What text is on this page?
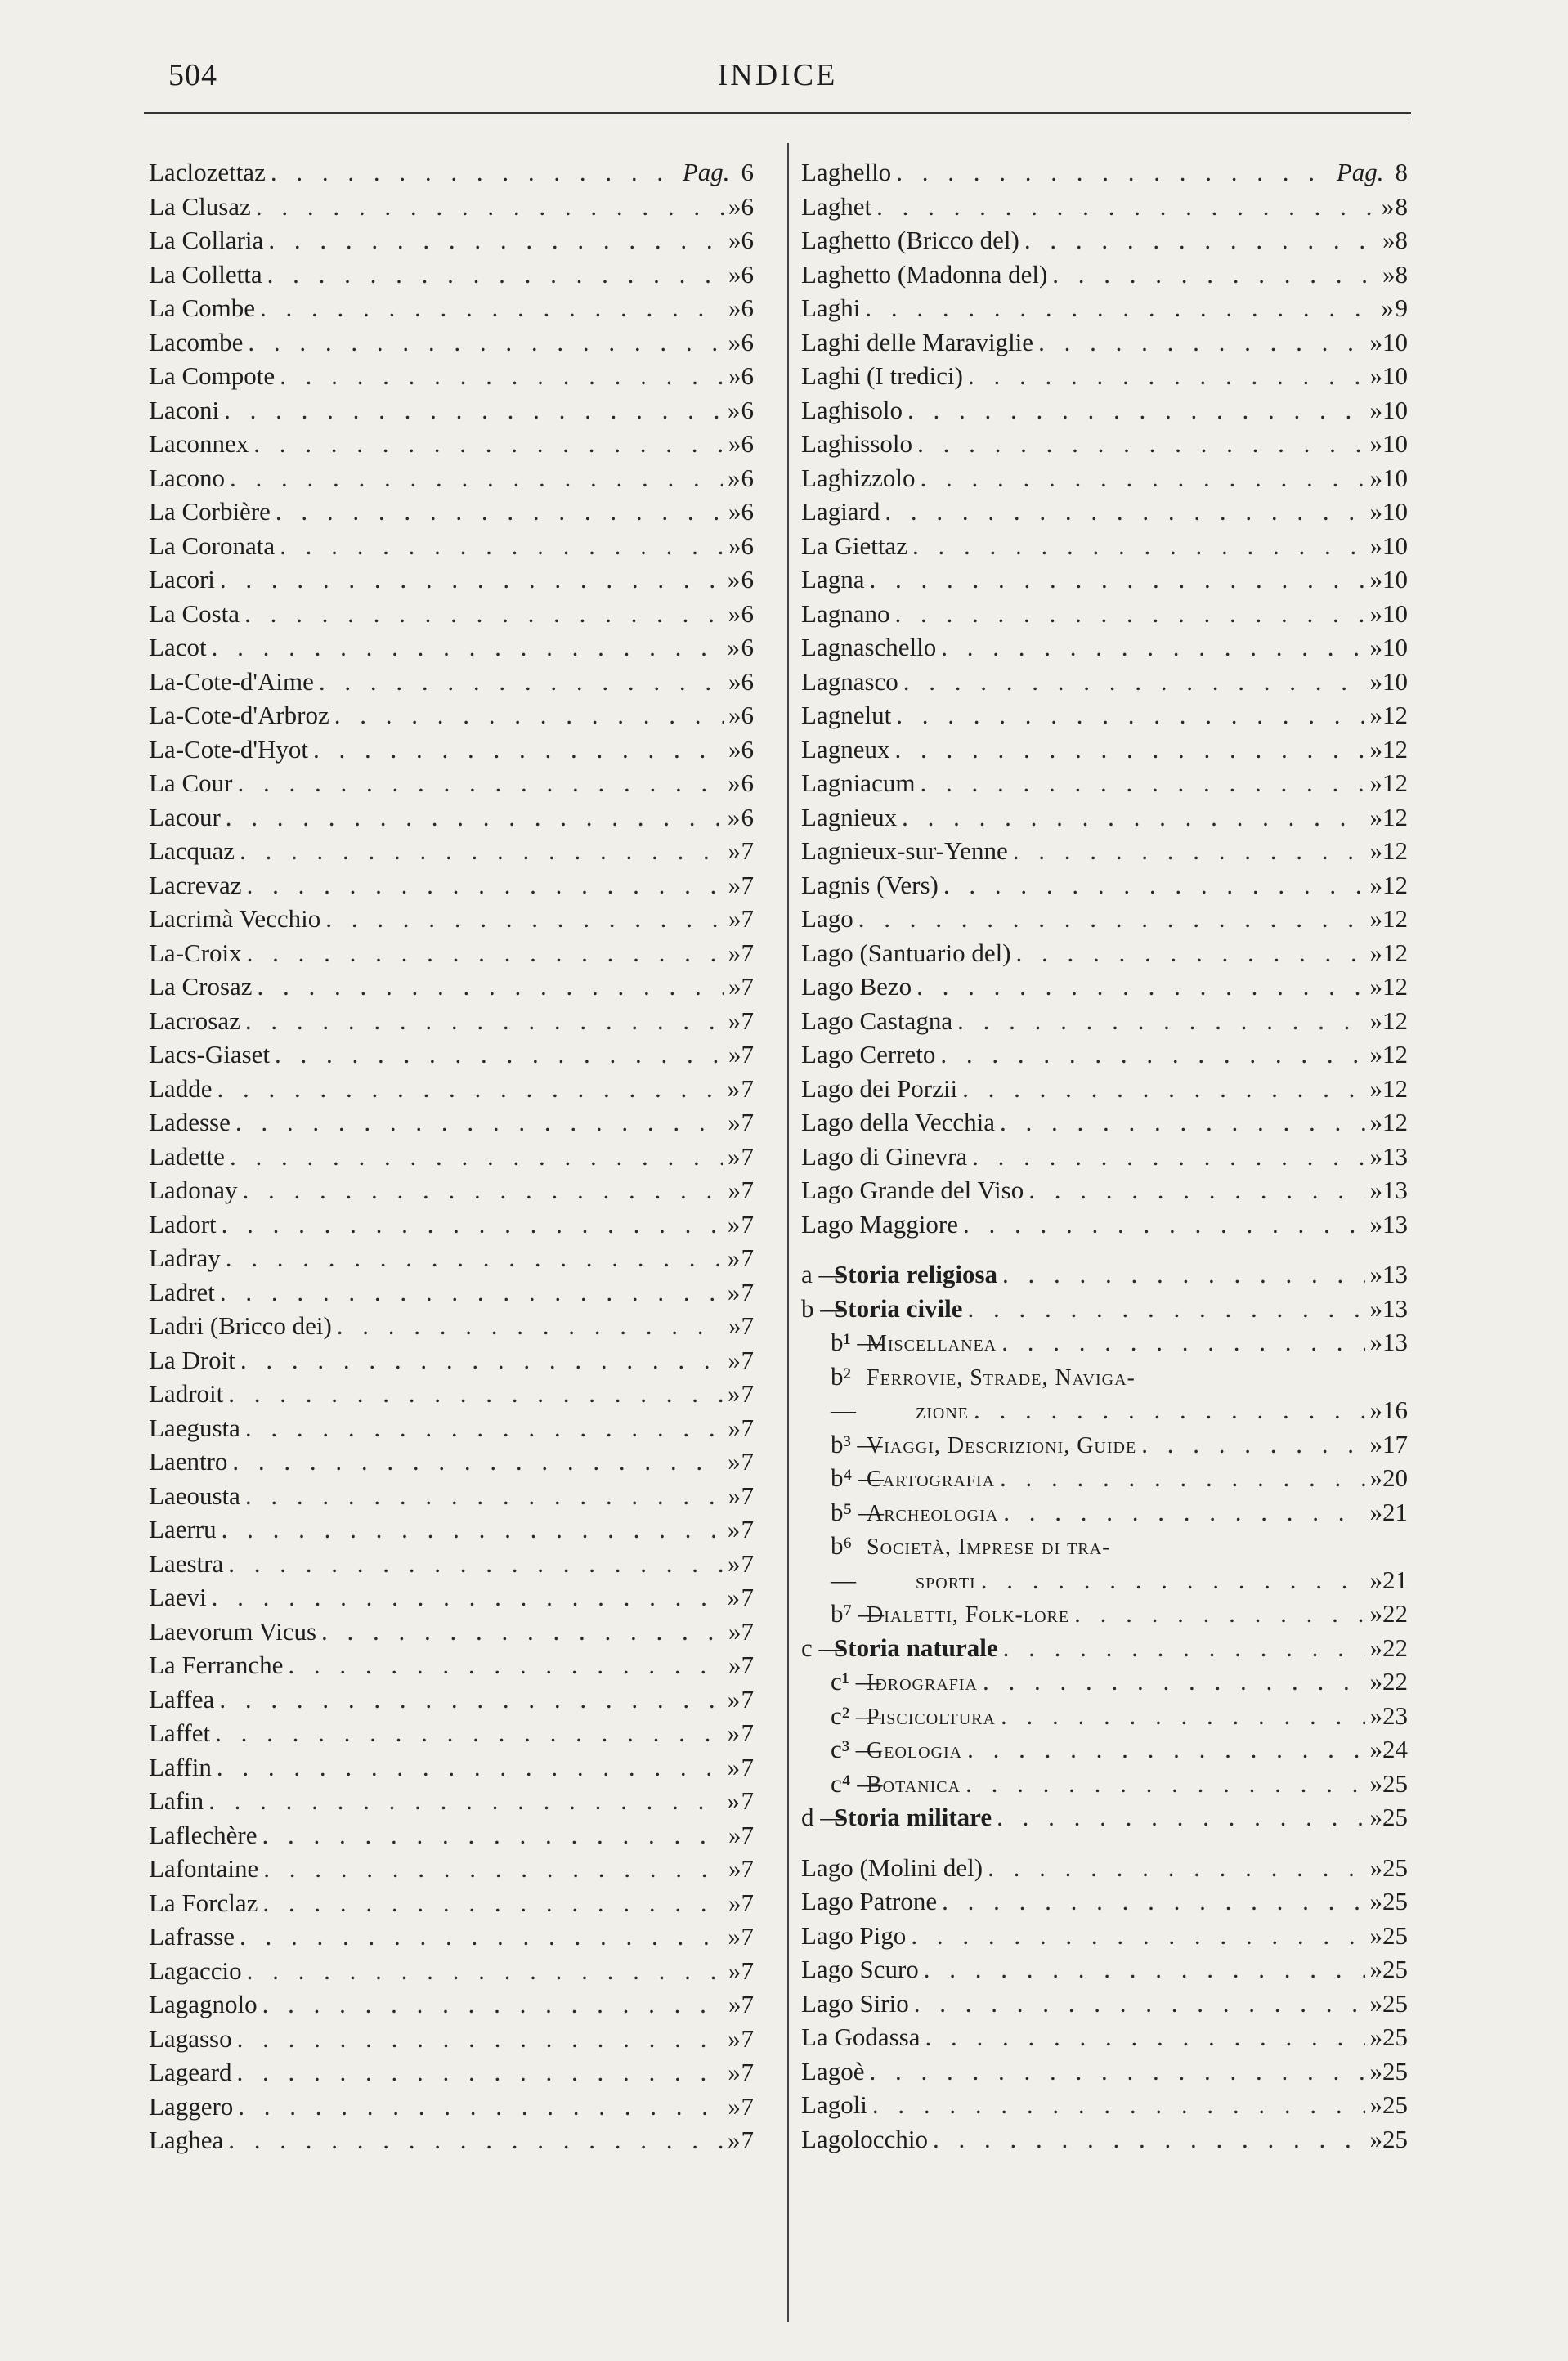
504	INDICE
Laclozettaz . . .	Pag. 6
La Clusaz . . .	» 6
La Collaria . . .	» 6
La Colletta . . .	» 6
La Combe . . .	» 6
Lacombe . . .	» 6
La Compote . . .	» 6
Laconi . . .	» 6
Laconnex . . .	» 6
Lacono . . .	» 6
La Corbière . . .	» 6
La Coronata . . .	» 6
Lacori . . .	» 6
La Costa . . .	» 6
Lacot . . .	» 6
La-Cote-d'Aime . . .	» 6
La-Cote-d'Arbroz . . .	» 6
La-Cote-d'Hyot . . .	» 6
La Cour . . .	» 6
Lacour . . .	» 6
Lacquaz . . .	» 7
Lacrevaz . . .	» 7
Lacrimà Vecchio . . .	» 7
La-Croix . . .	» 7
La Crosaz . . .	» 7
Lacrosaz . . .	» 7
Lacs-Giaset . . .	» 7
Ladde . . .	» 7
Ladesse . . .	» 7
Ladette . . .	» 7
Ladonay . . .	» 7
Ladort . . .	» 7
Ladray . . .	» 7
Ladret . . .	» 7
Ladri (Bricco dei) . . .	» 7
La Droit . . .	» 7
Ladroit . . .	» 7
Laegusta . . .	» 7
Laentro . . .	» 7
Laeousta . . .	» 7
Laerru . . .	» 7
Laestra . . .	» 7
Laevi . . .	» 7
Laevorum Vicus . . .	» 7
La Ferranche . . .	» 7
Laffea . . .	» 7
Laffet . . .	» 7
Laffin . . .	» 7
Lafin . . .	» 7
Laflechère . . .	» 7
Lafontaine . . .	» 7
La Forclaz . . .	» 7
Lafrasse . . .	» 7
Lagaccio . . .	» 7
Lagagnolo . . .	» 7
Lagasso . . .	» 7
Lageard . . .	» 7
Laggero . . .	» 7
Laghea . . .	» 7
Laghello . . .	Pag. 8
Laghet . . .	» 8
Laghetto (Bricco del) . . .	» 8
Laghetto (Madonna del) . . .	» 8
Laghi . . .	» 9
Laghi delle Maraviglie . . .	» 10
Laghi (I tredici) . . .	» 10
Laghisolo . . .	» 10
Laghissolo . . .	» 10
Laghizzolo . . .	» 10
Lagiard . . .	» 10
La Giettaz . . .	» 10
Lagna . . .	» 10
Lagnano . . .	» 10
Lagnaschello . . .	» 10
Lagnasco . . .	» 10
Lagnelut . . .	» 12
Lagneux . . .	» 12
Lagniacum . . .	» 12
Lagnieux . . .	» 12
Lagnieux-sur-Yenne . . .	» 12
Lagnis (Vers) . . .	» 12
Lago . . .	» 12
Lago (Santuario del) . . .	» 12
Lago Bezo . . .	» 12
Lago Castagna . . .	» 12
Lago Cerreto . . .	» 12
Lago dei Porzii . . .	» 12
Lago della Vecchia . . .	» 12
Lago di Ginevra . . .	» 13
Lago Grande del Viso . . .	» 13
Lago Maggiore . . .	» 13
a —
Storia religiosa . . .	» 13
b —
Storia civile . . .	» 13
b¹ —
Miscellanea . . .	» 13
b² —
Ferrovie, Strade, Naviga-
zione . . .	» 16
b³ —
Viaggi, Descrizioni, Guide . . .	» 17
b⁴ —
Cartografia . . .	» 20
b⁵ —
Archeologia . . .	» 21
b⁶ —
Società, Imprese di tra-
sporti . . .	» 21
b⁷ —
Dialetti, Folk-lore . . .	» 22
c —
Storia naturale . . .	» 22
c¹ —
Idrografia . . .	» 22
c² —
Piscicoltura . . .	» 23
c³ —
Geologia . . .	» 24
c⁴ —
Botanica . . .	» 25
d —
Storia militare . . .	» 25
Lago (Molini del) . . .	» 25
Lago Patrone . . .	» 25
Lago Pigo . . .	» 25
Lago Scuro . . .	» 25
Lago Sirio . . .	» 25
La Godassa . . .	» 25
Lagoè . . .	» 25
Lagoli . . .	» 25
Lagolocchio . . .	» 25
